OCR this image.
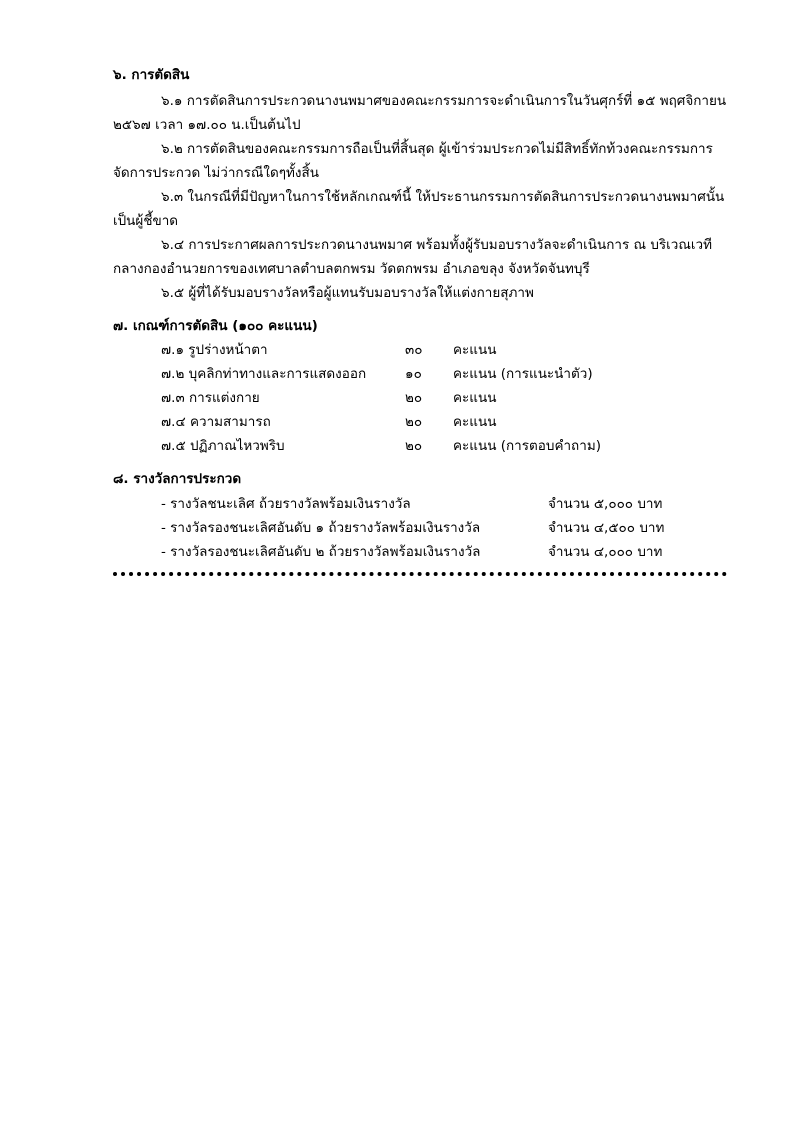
๖. การตัดสิน
๖.๑ การตัดสินการประกวดนางนพมาศของคณะกรรมการจะดำเนินการในวันศุกร์ที่ ๑๕ พฤศจิกายน
๒๕๖๗ เวลา ๑๗.๐๐ น.เป็นต้นไป
๖.๒ การตัดสินของคณะกรรมการถือเป็นที่สิ้นสุด ผู้เข้าร่วมประกวดไม่มีสิทธิ์ทักท้วงคณะกรรมการ
จัดการประกวด ไม่ว่ากรณีใดๆทั้งสิ้น
๖.๓ ในกรณีที่มีปัญหาในการใช้หลักเกณฑ์นี้ ให้ประธานกรรมการตัดสินการประกวดนางนพมาศนั้น
เป็นผู้ชี้ขาด
๖.๔ การประกาศผลการประกวดนางนพมาศ พร้อมทั้งผู้รับมอบรางวัลจะดำเนินการ ณ บริเวณเวที
กลางกองอำนวยการของเทศบาลตำบลตกพรม วัดตกพรม อำเภอขลุง จังหวัดจันทบุรี
๖.๕ ผู้ที่ได้รับมอบรางวัลหรือผู้แทนรับมอบรางวัลให้แต่งกายสุภาพ
๗. เกณฑ์การตัดสิน (๑๐๐ คะแนน)
๗.๑ รูปร่างหน้าตา	๓๐ คะแนน
๗.๒ บุคลิกท่าทางและการแสดงออก	๑๐ คะแนน (การแนะนำตัว)
๗.๓ การแต่งกาย	๒๐ คะแนน
๗.๔ ความสามารถ	๒๐ คะแนน
๗.๕ ปฏิภาณไหวพริบ	๒๐ คะแนน (การตอบคำถาม)
๘. รางวัลการประกวด
- รางวัลชนะเลิศ ถ้วยรางวัลพร้อมเงินรางวัล	จำนวน ๕,๐๐๐ บาท
- รางวัลรองชนะเลิศอันดับ ๑ ถ้วยรางวัลพร้อมเงินรางวัล	จำนวน ๔,๕๐๐ บาท
- รางวัลรองชนะเลิศอันดับ ๒ ถ้วยรางวัลพร้อมเงินรางวัล	จำนวน ๔,๐๐๐ บาท
